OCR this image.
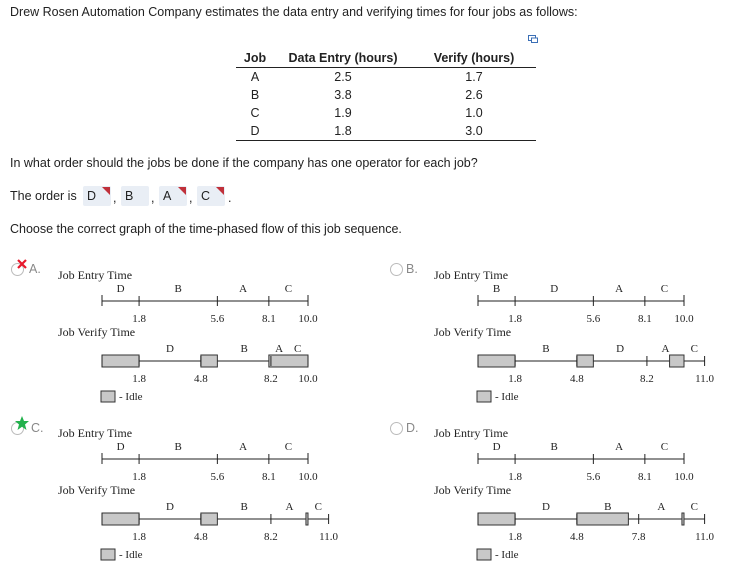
Drew Rosen Automation Company estimates the data entry and verifying times for four jobs as follows:
Job	Data Entry (hours)	Verify (hours)
A	2.5	1.7
B	3.8	2.6
C	1.9	1.0
D	1.8	3.0
In what order should the jobs be done if the company has one operator for each job?
The order is D	, B	, A	, C	.
Choose the correct graph of the time-phased flow of this job sequence.
A. Job Entry Time
D	B	A	C
1.8	5.6	8.1 10.0
Job Verify Time
D	B A C
1.8	4.8	8.2 10.0
- Idle
B. Job Entry Time
B	D	A	C
1.8	5.6	8.1 10.0
Job Verify Time
B	D	A C
1.8	4.8	8.2	11.0
- Idle
C. Job Entry Time
D	B	A	C
1.8	5.6	8.1 10.0
Job Verify Time
D	B	A C
1.8	4.8	8.2	11.0
- Idle
D. Job Entry Time
D	B	A	C
1.8	5.6	8.1 10.0
Job Verify Time
D	B	A C
1.8	4.8	7.8	11.0
- Idle
